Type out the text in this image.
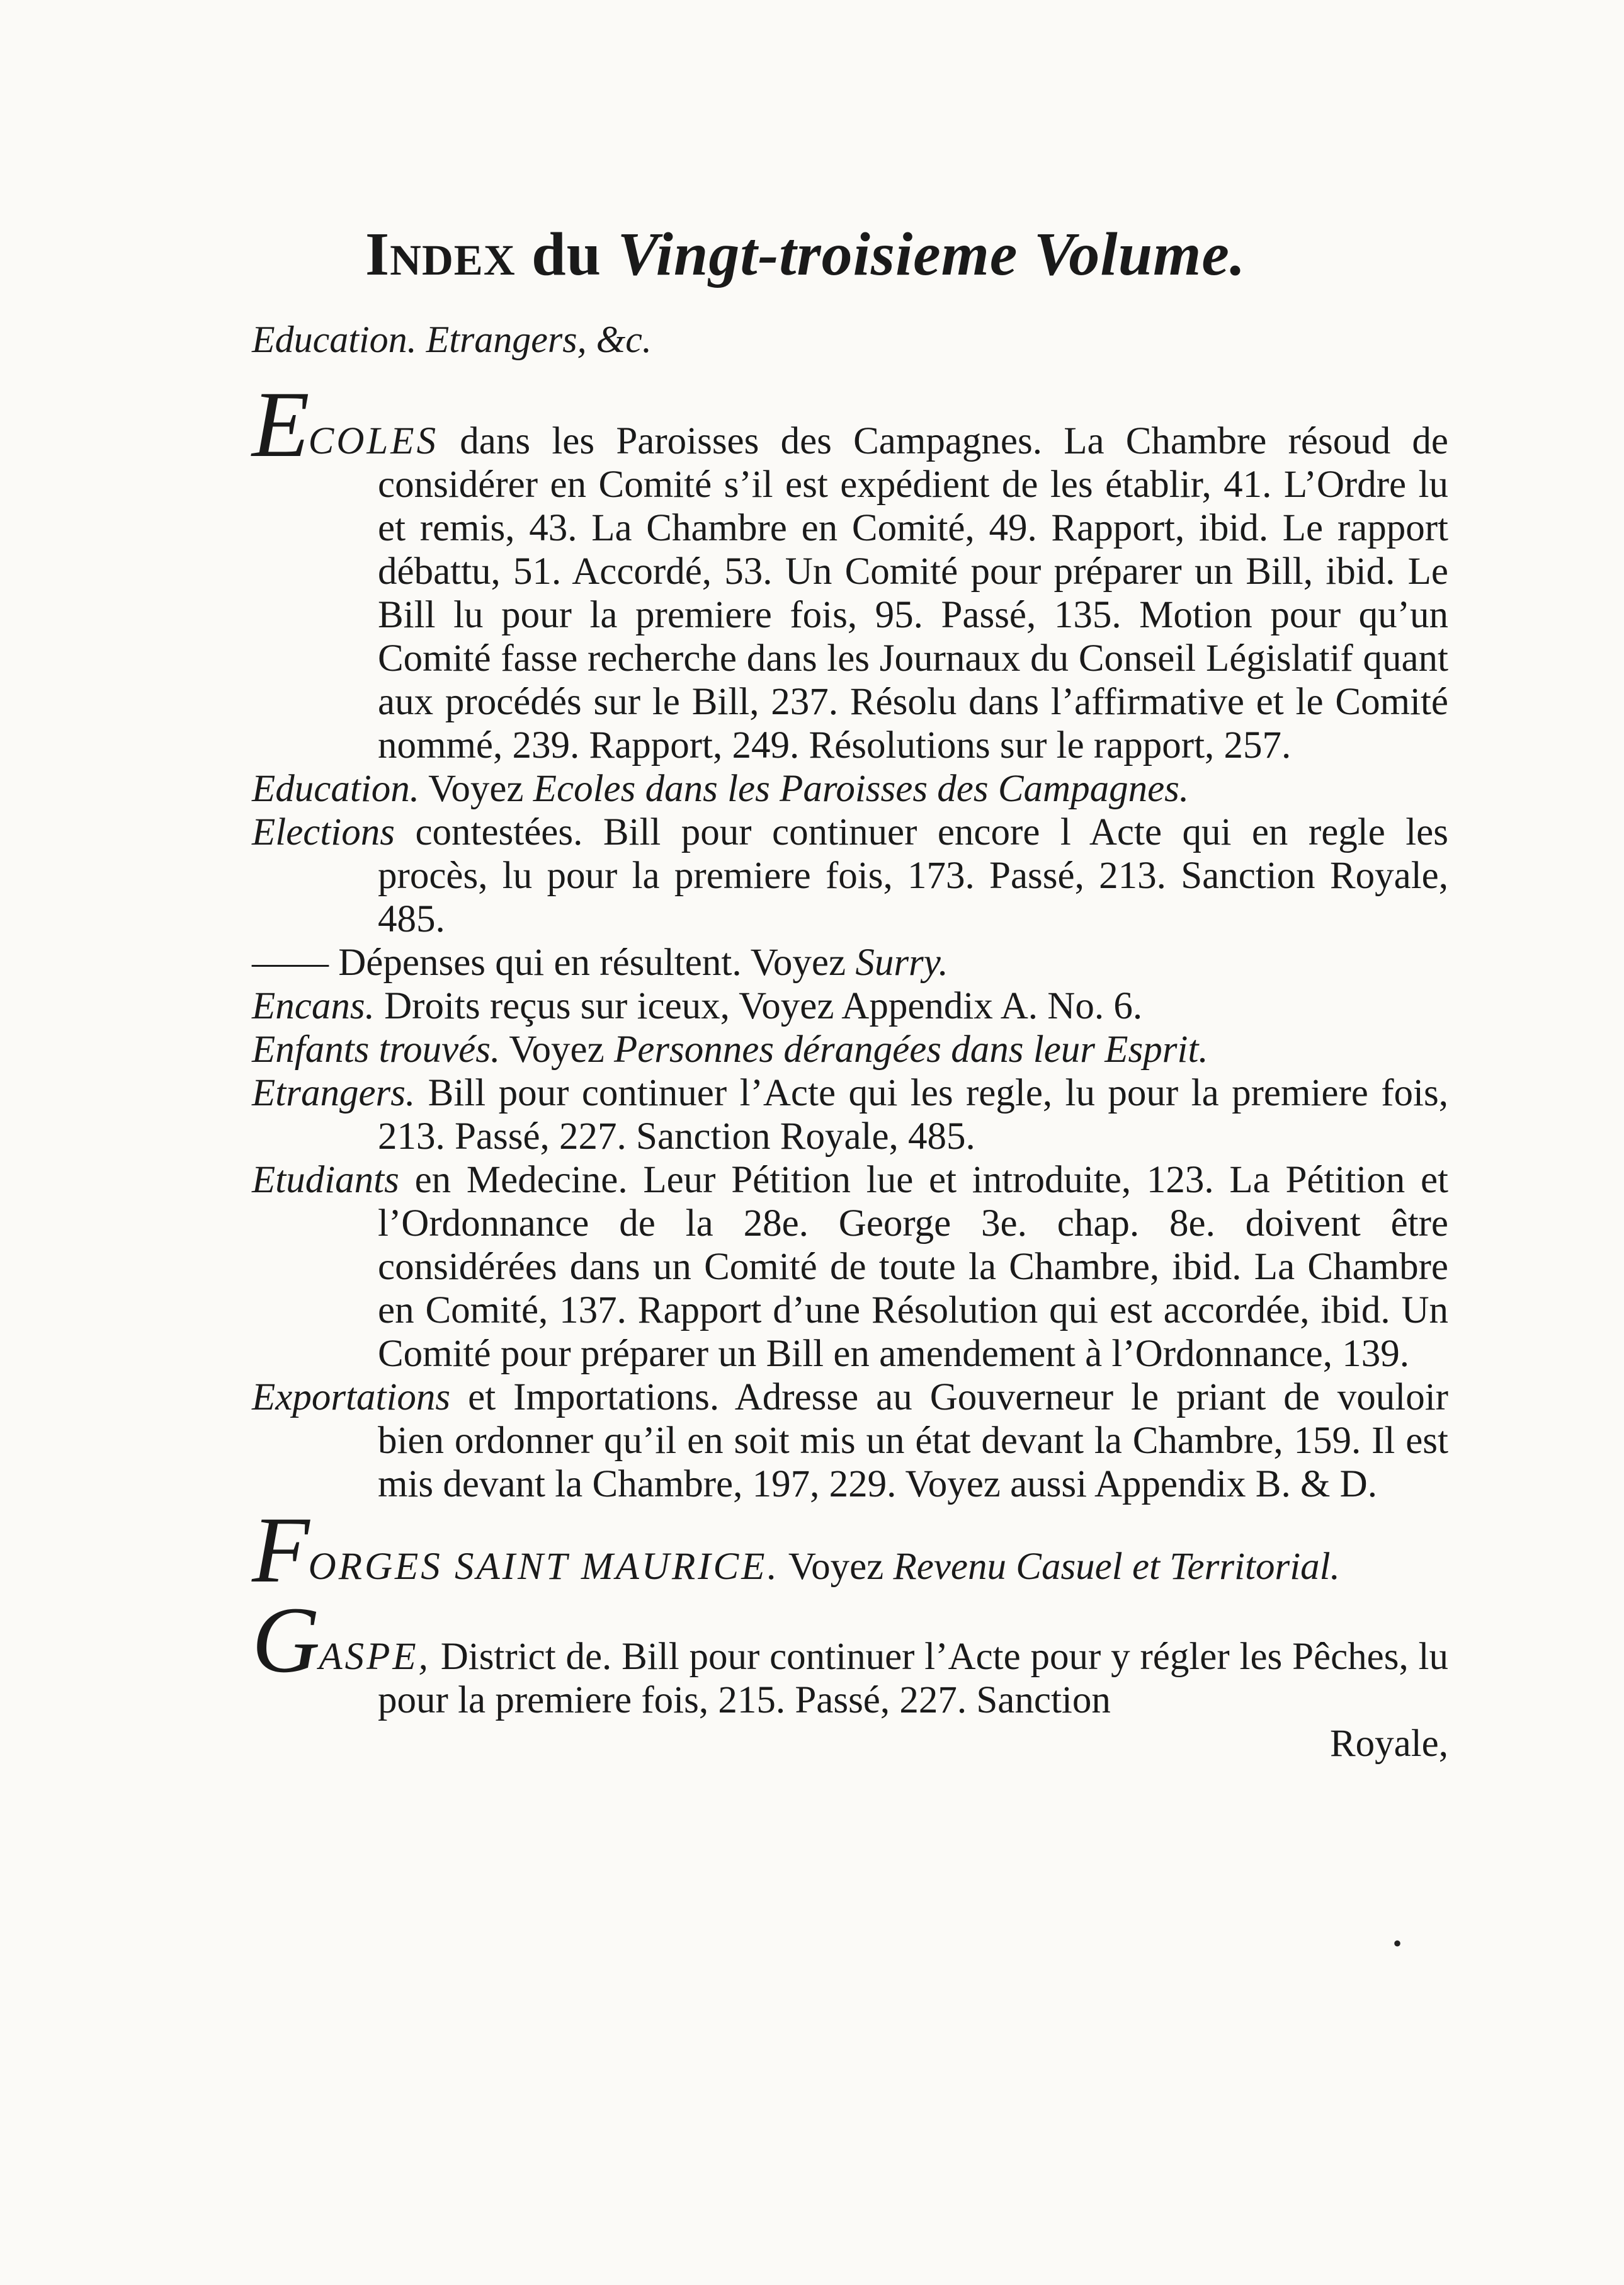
Index du Vingt-troisieme Volume.
Education. Etrangers, &c.

ECOLES dans les Paroisses des Campagnes. La Chambre résoud de considérer en Comité s’il est expédient de les établir, 41. L’Ordre lu et remis, 43. La Chambre en Comité, 49. Rapport, ibid. Le rapport débattu, 51. Accordé, 53. Un Comité pour préparer un Bill, ibid. Le Bill lu pour la premiere fois, 95. Passé, 135. Motion pour qu’un Comité fasse recherche dans les Journaux du Conseil Législatif quant aux procédés sur le Bill, 237. Résolu dans l’affirmative et le Comité nommé, 239. Rapport, 249. Résolutions sur le rapport, 257.

Education. Voyez Ecoles dans les Paroisses des Campagnes.

Elections contestées. Bill pour continuer encore l Acte qui en regle les procès, lu pour la premiere fois, 173. Passé, 213. Sanction Royale, 485.

—— Dépenses qui en résultent. Voyez Surry.

Encans. Droits reçus sur iceux, Voyez Appendix A. No. 6.

Enfants trouvés. Voyez Personnes dérangées dans leur Esprit.

Etrangers. Bill pour continuer l’Acte qui les regle, lu pour la premiere fois, 213. Passé, 227. Sanction Royale, 485.

Etudiants en Medecine. Leur Pétition lue et introduite, 123. La Pétition et l’Ordonnance de la 28e. George 3e. chap. 8e. doivent être considérées dans un Comité de toute la Chambre, ibid. La Chambre en Comité, 137. Rapport d’une Résolution qui est accordée, ibid. Un Comité pour préparer un Bill en amendement à l’Ordonnance, 139.

Exportations et Importations. Adresse au Gouverneur le priant de vouloir bien ordonner qu’il en soit mis un état devant la Chambre, 159. Il est mis devant la Chambre, 197, 229. Voyez aussi Appendix B. & D.

FORGES SAINT MAURICE. Voyez Revenu Casuel et Territorial.

GASPE, District de. Bill pour continuer l’Acte pour y régler les Pêches, lu pour la premiere fois, 215. Passé, 227. Sanction

Royale,
•
